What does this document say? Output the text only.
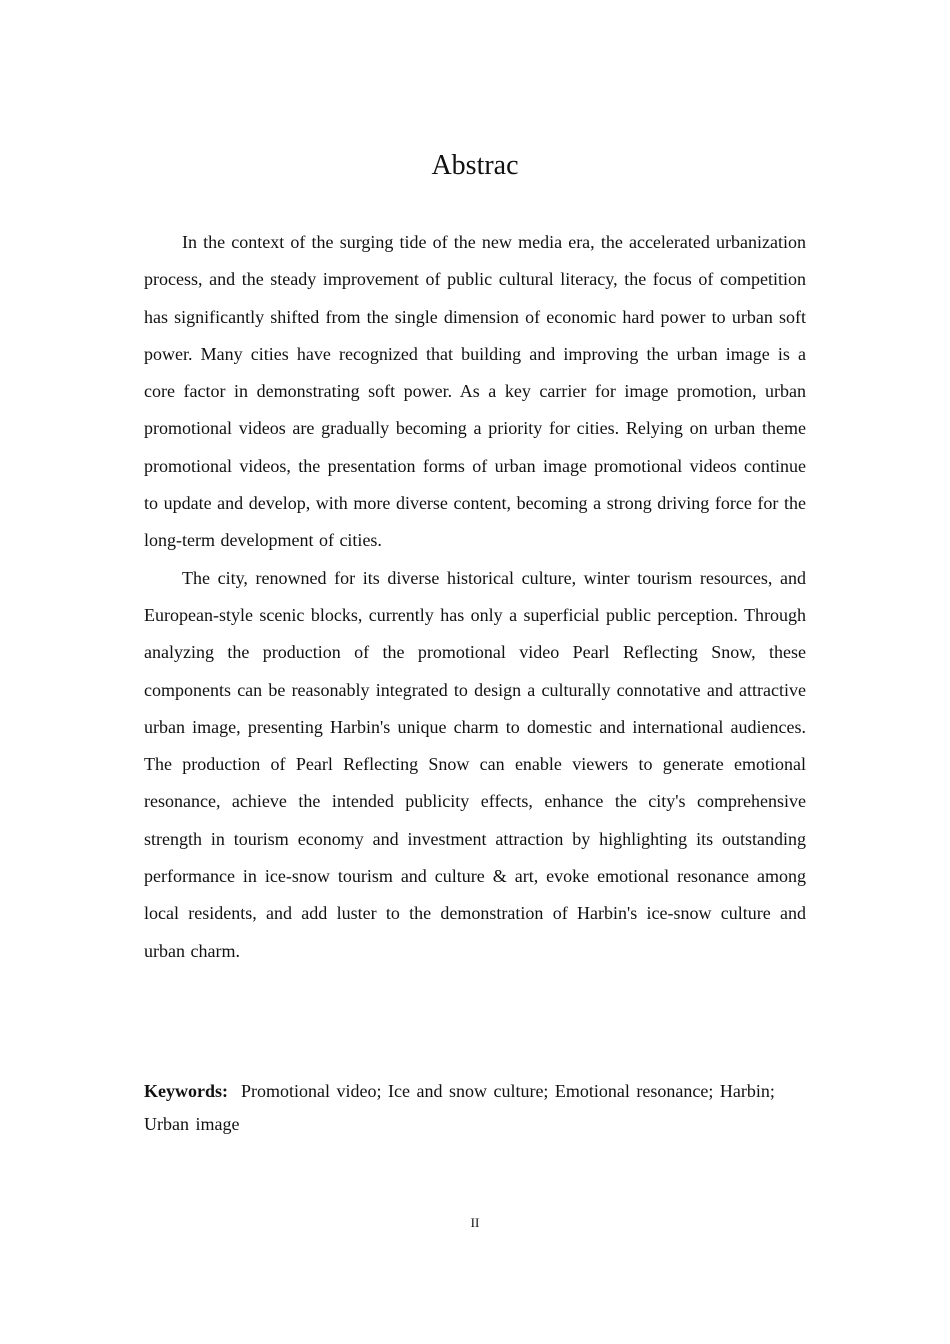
Abstrac

In the context of the surging tide of the new media era, the accelerated urbanization process, and the steady improvement of public cultural literacy, the focus of competition has significantly shifted from the single dimension of economic hard power to urban soft power. Many cities have recognized that building and improving the urban image is a core factor in demonstrating soft power. As a key carrier for image promotion, urban promotional videos are gradually becoming a priority for cities. Relying on urban theme promotional videos, the presentation forms of urban image promotional videos continue to update and develop, with more diverse content, becoming a strong driving force for the long-term development of cities.

The city, renowned for its diverse historical culture, winter tourism resources, and European-style scenic blocks, currently has only a superficial public perception. Through analyzing the production of the promotional video Pearl Reflecting Snow, these components can be reasonably integrated to design a culturally connotative and attractive urban image, presenting Harbin's unique charm to domestic and international audiences. The production of Pearl Reflecting Snow can enable viewers to generate emotional resonance, achieve the intended publicity effects, enhance the city's comprehensive strength in tourism economy and investment attraction by highlighting its outstanding performance in ice-snow tourism and culture & art, evoke emotional resonance among local residents, and add luster to the demonstration of Harbin's ice-snow culture and urban charm.

Keywords: Promotional video; Ice and snow culture; Emotional resonance; Harbin; Urban image
II
